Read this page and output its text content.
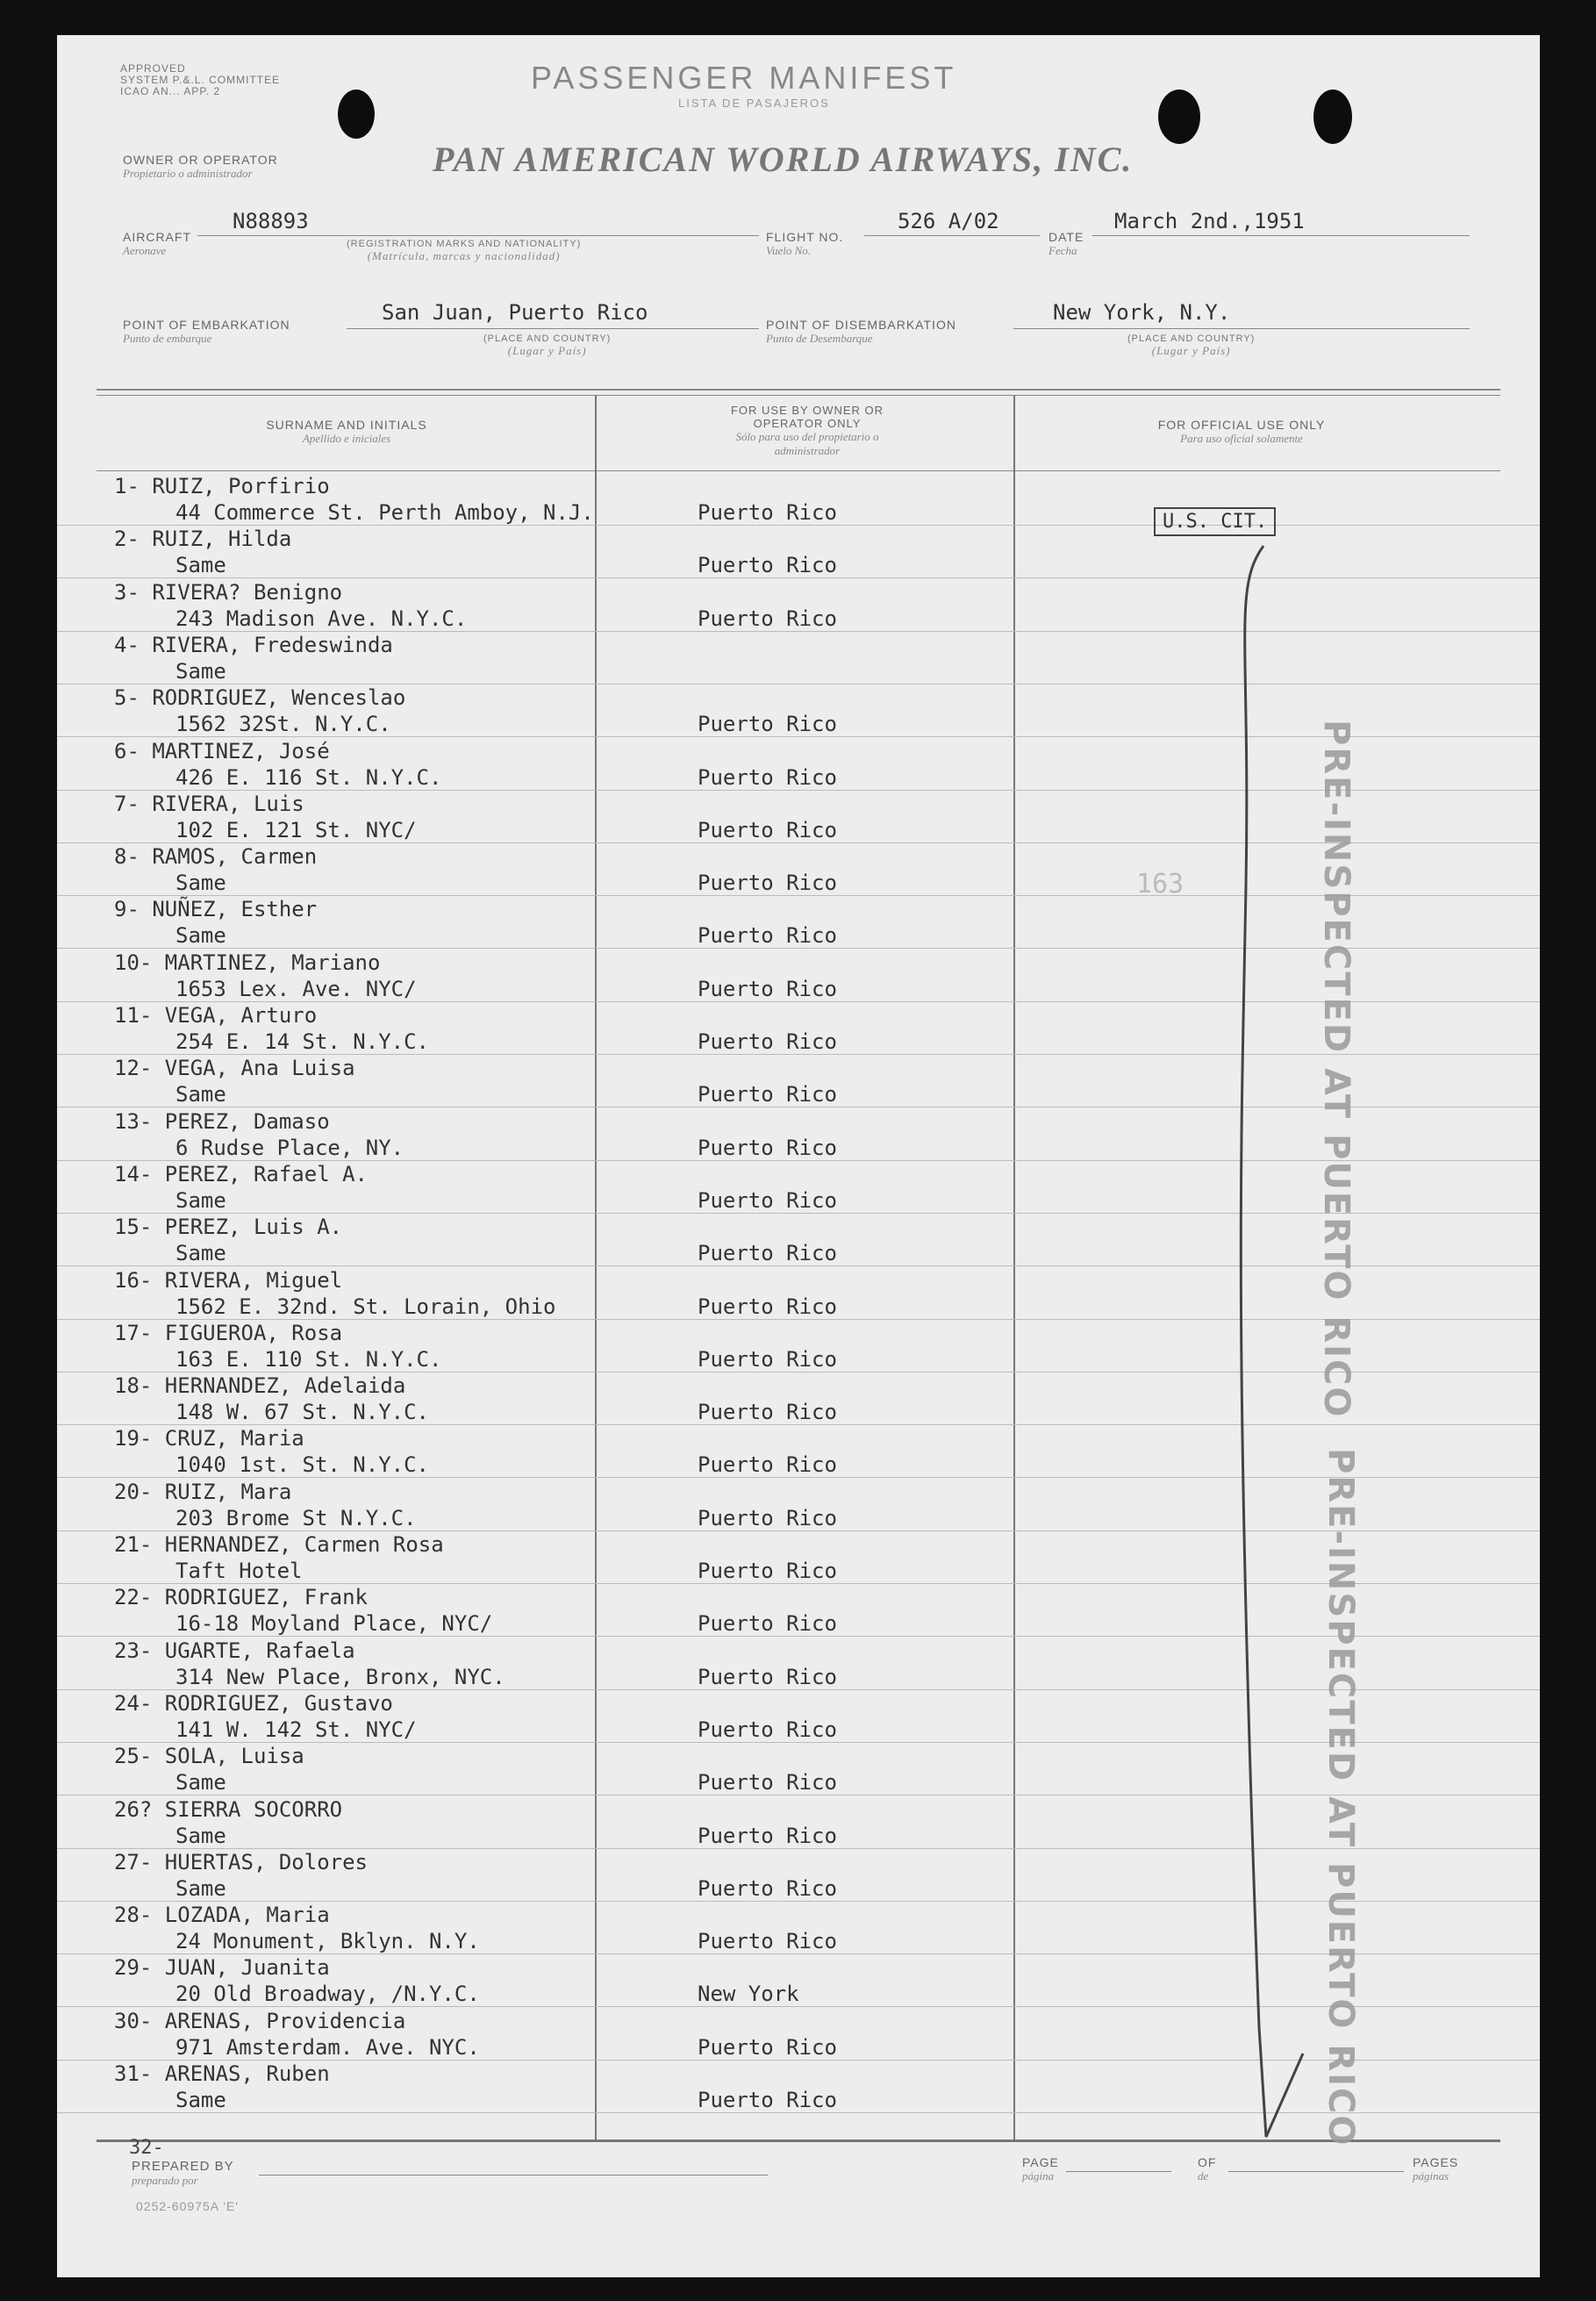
APPROVED
SYSTEM P.&.L. COMMITTEE
ICAO AN... APP. 2	PASSENGER MANIFEST
LISTA DE PASAJEROS
OWNER OR OPERATOR
Propietario o administrador	PAN AMERICAN WORLD AIRWAYS, INC.
AIRCRAFT
Aeronave
N88893
(REGISTRATION MARKS AND NATIONALITY)
(Matrícula, marcas y nacionalidad)
FLIGHT NO.
Vuelo No.
526 A/02
DATE
Fecha
March 2nd.,1951
POINT OF EMBARKATION
Punto de embarque
San Juan, Puerto Rico
(PLACE AND COUNTRY)
(Lugar y País)
POINT OF DISEMBARKATION
Punto de Desembarque
New York, N.Y.
(PLACE AND COUNTRY)
(Lugar y País)
SURNAME AND INITIALS
Apellido e iniciales
FOR USE BY OWNER OR OPERATOR ONLY
Sólo para uso del propietario o administrador
FOR OFFICIAL USE ONLY
Para uso oficial solamente
1- RUIZ, Porfirio
44 Commerce St. Perth Amboy, N.J.	Puerto Rico
2- RUIZ, Hilda
Same	Puerto Rico
3- RIVERA? Benigno
243 Madison Ave. N.Y.C.	Puerto Rico
4- RIVERA, Fredeswinda
Same
5- RODRIGUEZ, Wenceslao
1562 32St. N.Y.C.	Puerto Rico
6- MARTINEZ, José
426 E. 116 St. N.Y.C.	Puerto Rico
7- RIVERA, Luis
102 E. 121 St. NYC/	Puerto Rico
8- RAMOS, Carmen
Same	Puerto Rico
9- NUÑEZ, Esther
Same	Puerto Rico
10- MARTINEZ, Mariano
1653 Lex. Ave. NYC/	Puerto Rico
11- VEGA, Arturo
254 E. 14 St. N.Y.C.	Puerto Rico
12- VEGA, Ana Luisa
Same	Puerto Rico
13- PEREZ, Damaso
6 Rudse Place, NY.	Puerto Rico
14- PEREZ, Rafael A.
Same	Puerto Rico
15- PEREZ, Luis A.
Same	Puerto Rico
16- RIVERA, Miguel
1562 E. 32nd. St. Lorain, Ohio	Puerto Rico
17- FIGUEROA, Rosa
163 E. 110 St. N.Y.C.	Puerto Rico
18- HERNANDEZ, Adelaida
148 W. 67 St. N.Y.C.	Puerto Rico
19- CRUZ, Maria
1040 1st. St. N.Y.C.	Puerto Rico
20- RUIZ, Mara
203 Brome St N.Y.C.	Puerto Rico
21- HERNANDEZ, Carmen Rosa
Taft Hotel	Puerto Rico
22- RODRIGUEZ, Frank
16-18 Moyland Place, NYC/	Puerto Rico
23- UGARTE, Rafaela
314 New Place, Bronx, NYC.	Puerto Rico
24- RODRIGUEZ, Gustavo
141 W. 142 St. NYC/	Puerto Rico
25- SOLA, Luisa
Same	Puerto Rico
26? SIERRA SOCORRO
Same	Puerto Rico
27- HUERTAS, Dolores
Same	Puerto Rico
28- LOZADA, Maria
24 Monument, Bklyn. N.Y.	Puerto Rico
29- JUAN, Juanita
20 Old Broadway, /N.Y.C.	New York
30- ARENAS, Providencia
971 Amsterdam. Ave. NYC.	Puerto Rico
31- ARENAS, Ruben
Same	Puerto Rico
32-
U.S. CIT.
163	PRE-INSPECTED AT PUERTO RICO
PRE-INSPECTED AT PUERTO RICO
PREPARED BY
preparado por
PAGE
página
OF
de
PAGES
páginas
0252-60975A 'E'
